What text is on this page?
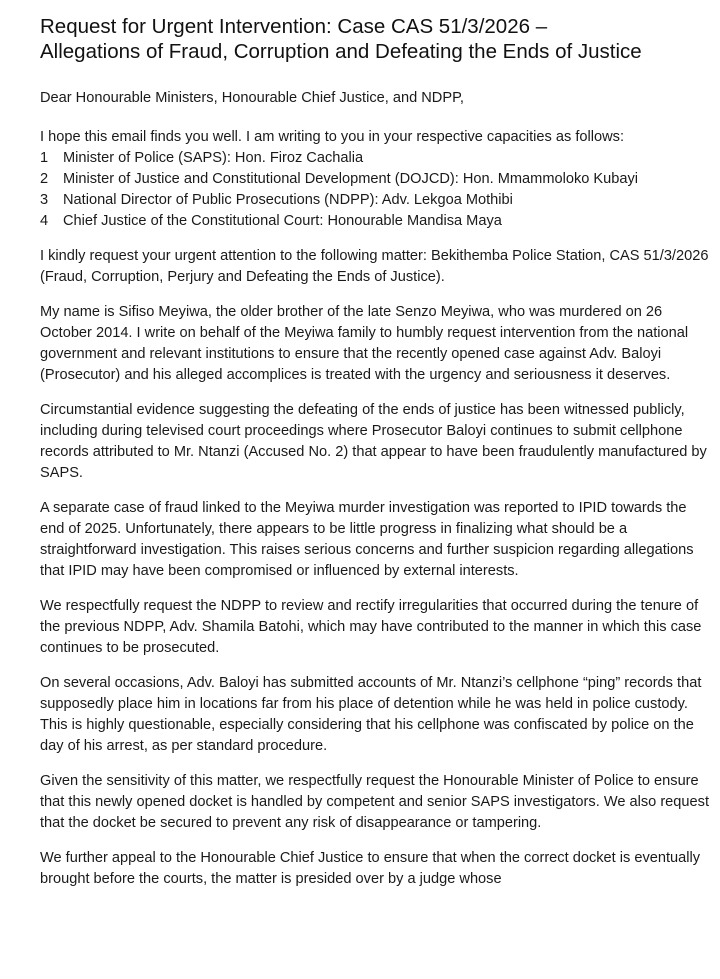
Request for Urgent Intervention: Case CAS 51/3/2026 –
Allegations of Fraud, Corruption and Defeating the Ends of Justice
Dear Honourable Ministers, Honourable Chief Justice, and NDPP,
I hope this email finds you well. I am writing to you in your respective capacities as follows:
1	Minister of Police (SAPS): Hon. Firoz Cachalia
2	Minister of Justice and Constitutional Development (DOJCD): Hon. Mmammoloko Kubayi
3	National Director of Public Prosecutions (NDPP): Adv. Lekgoa Mothibi
4	Chief Justice of the Constitutional Court: Honourable Mandisa Maya

I kindly request your urgent attention to the following matter: Bekithemba Police Station, CAS 51/3/2026 (Fraud, Corruption, Perjury and Defeating the Ends of Justice).

My name is Sifiso Meyiwa, the older brother of the late Senzo Meyiwa, who was murdered on 26 October 2014. I write on behalf of the Meyiwa family to humbly request intervention from the national government and relevant institutions to ensure that the recently opened case against Adv. Baloyi (Prosecutor) and his alleged accomplices is treated with the urgency and seriousness it deserves.

Circumstantial evidence suggesting the defeating of the ends of justice has been witnessed publicly, including during televised court proceedings where Prosecutor Baloyi continues to submit cellphone records attributed to Mr. Ntanzi (Accused No. 2) that appear to have been fraudulently manufactured by SAPS.

A separate case of fraud linked to the Meyiwa murder investigation was reported to IPID towards the end of 2025. Unfortunately, there appears to be little progress in finalizing what should be a straightforward investigation. This raises serious concerns and further suspicion regarding allegations that IPID may have been compromised or influenced by external interests.

We respectfully request the NDPP to review and rectify irregularities that occurred during the tenure of the previous NDPP, Adv. Shamila Batohi, which may have contributed to the manner in which this case continues to be prosecuted.

On several occasions, Adv. Baloyi has submitted accounts of Mr. Ntanzi’s cellphone “ping” records that supposedly place him in locations far from his place of detention while he was held in police custody. This is highly questionable, especially considering that his cellphone was confiscated by police on the day of his arrest, as per standard procedure.

Given the sensitivity of this matter, we respectfully request the Honourable Minister of Police to ensure that this newly opened docket is handled by competent and senior SAPS investigators. We also request that the docket be secured to prevent any risk of disappearance or tampering.

We further appeal to the Honourable Chief Justice to ensure that when the correct docket is eventually brought before the courts, the matter is presided over by a judge whose
